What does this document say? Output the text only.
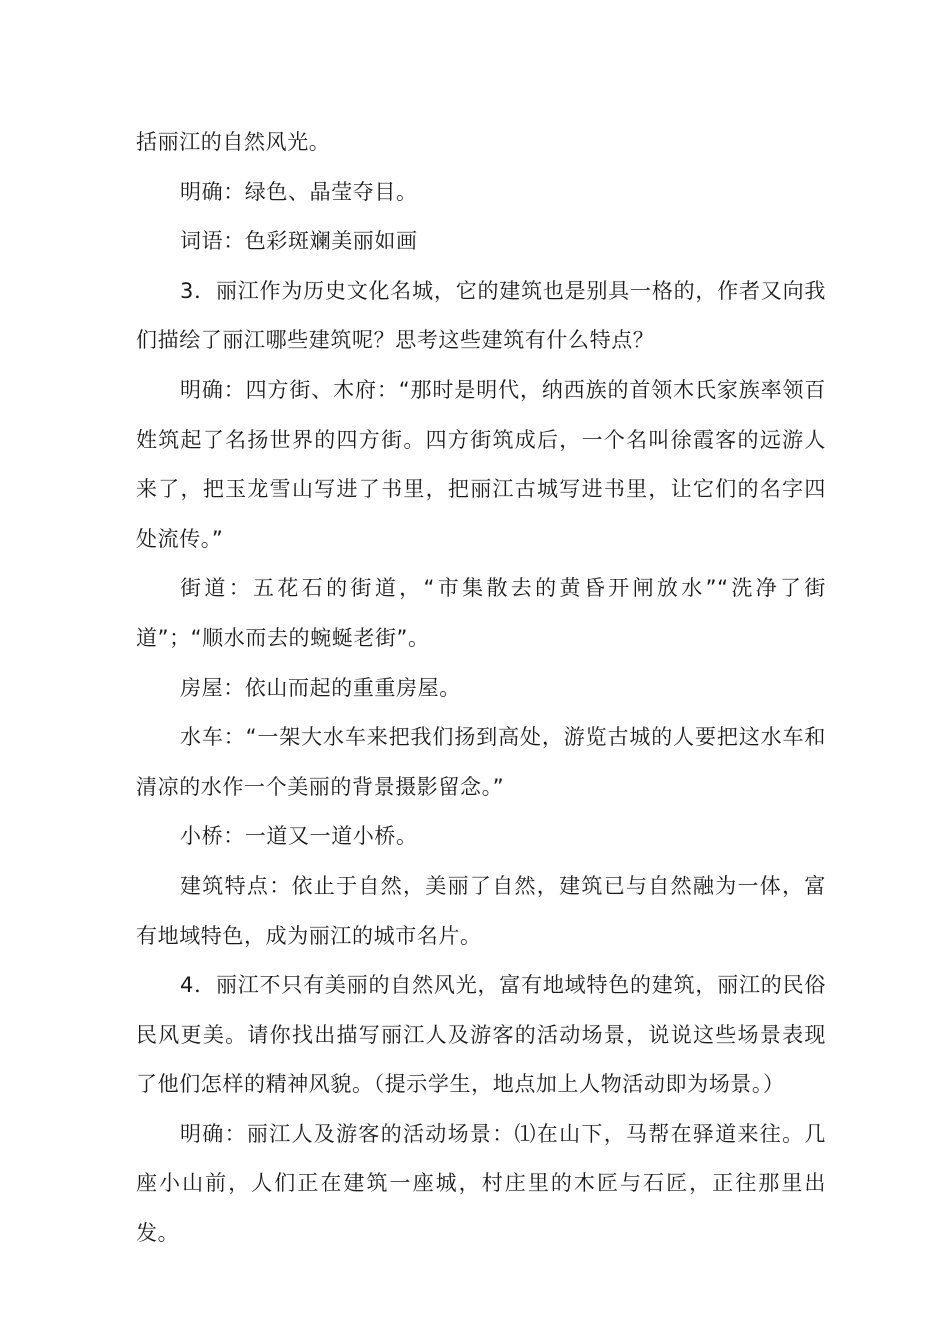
括丽江的自然风光。

明确：绿色、晶莹夺目。

词语：色彩斑斓美丽如画

3．丽江作为历史文化名城，它的建筑也是别具一格的，作者又向我们描绘了丽江哪些建筑呢？思考这些建筑有什么特点？

明确：四方街、木府：“那时是明代，纳西族的首领木氏家族率领百姓筑起了名扬世界的四方街。四方街筑成后，一个名叫徐霞客的远游人来了，把玉龙雪山写进了书里，把丽江古城写进书里，让它们的名字四处流传。”

街道：五花石的街道，“市集散去的黄昏开闸放水”“洗净了街道”；“顺水而去的蜿蜒老街”。

房屋：依山而起的重重房屋。

水车：“一架大水车来把我们扬到高处，游览古城的人要把这水车和清凉的水作一个美丽的背景摄影留念。”

小桥：一道又一道小桥。

建筑特点：依止于自然，美丽了自然，建筑已与自然融为一体，富有地域特色，成为丽江的城市名片。

4．丽江不只有美丽的自然风光，富有地域特色的建筑，丽江的民俗民风更美。请你找出描写丽江人及游客的活动场景，说说这些场景表现了他们怎样的精神风貌。（提示学生，地点加上人物活动即为场景。）

明确：丽江人及游客的活动场景：⑴在山下，马帮在驿道来往。几座小山前，人们正在建筑一座城，村庄里的木匠与石匠，正往那里出发。
